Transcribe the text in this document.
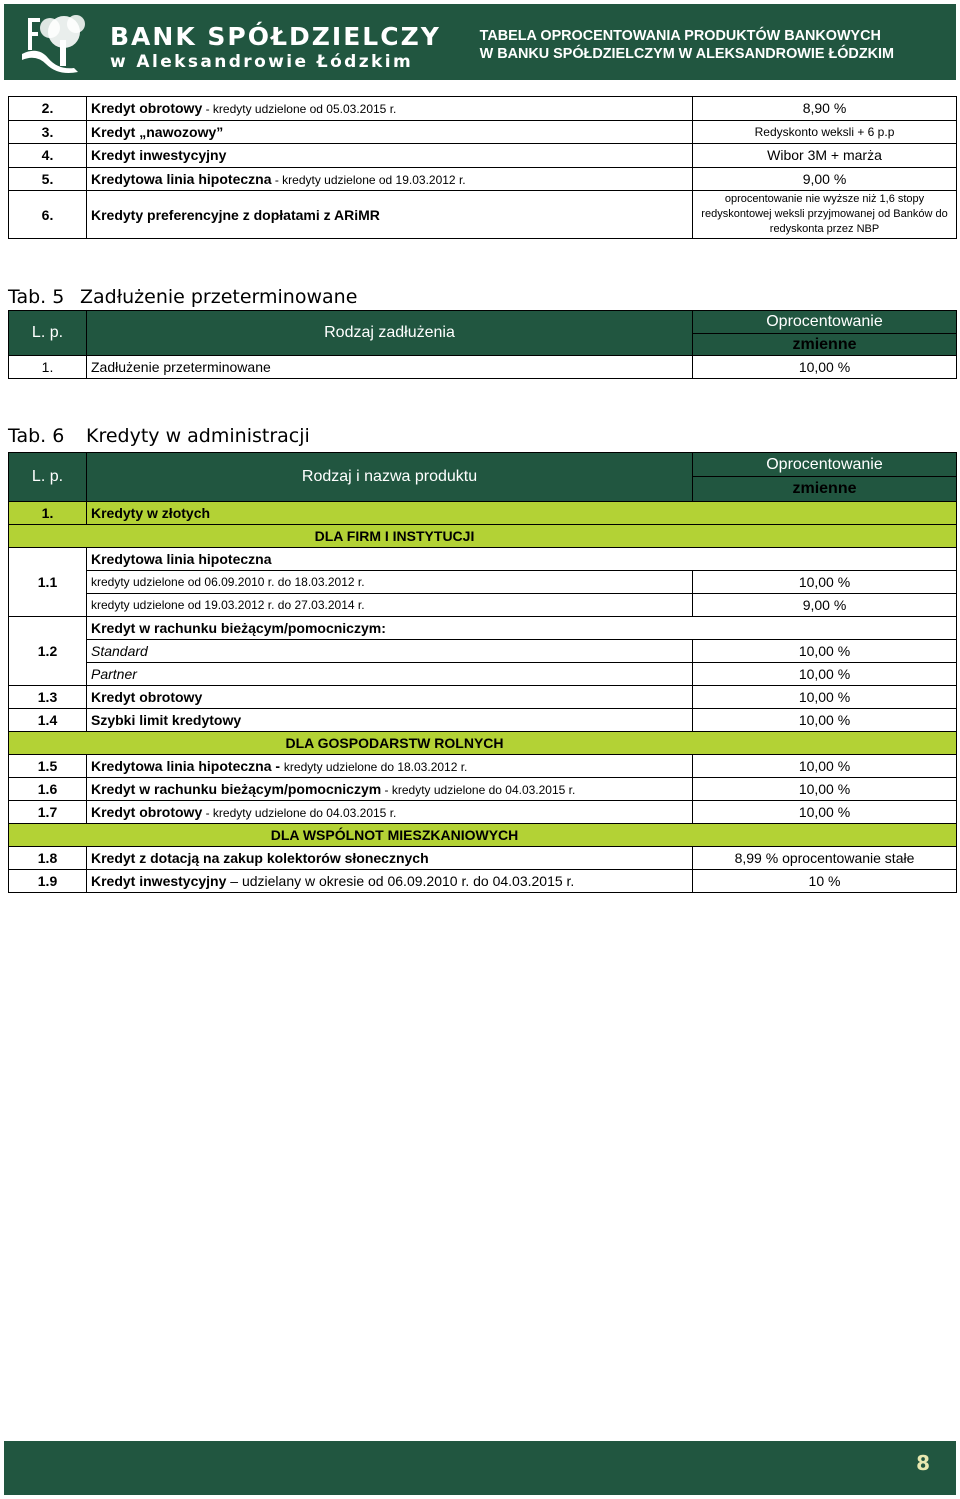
BANK SPÓŁDZIELCZY
w Aleksandrowie Łódzkim
TABELA OPROCENTOWANIA PRODUKTÓW BANKOWYCH
W BANKU SPÓŁDZIELCZYM W ALEKSANDROWIE ŁÓDZKIM
2.	Kredyt obrotowy - kredyty udzielone od 05.03.2015 r.	8,90 %
3.	Kredyt „nawozowy”	Redyskonto weksli + 6 p.p
4.	Kredyt inwestycyjny	Wibor 3M + marża
5.	Kredytowa linia hipoteczna - kredyty udzielone od 19.03.2012 r.	9,00 %
6.	Kredyty preferencyjne z dopłatami z ARiMR	oprocentowanie nie wyższe niż 1,6 stopy redyskontowej weksli przyjmowanej od Banków do redyskonta przez NBP
Tab. 5 Zadłużenie przeterminowane
L. p.	Rodzaj zadłużenia	Oprocentowanie
		zmienne
1.	Zadłużenie przeterminowane	10,00 %
Tab. 6 Kredyty w administracji
L. p.	Rodzaj i nazwa produktu	Oprocentowanie
		zmienne
1.	Kredyty w złotych	
DLA FIRM I INSTYTUCJI		
1.1	Kredytowa linia hipoteczna	
	kredyty udzielone od 06.09.2010 r. do 18.03.2012 r.	10,00 %
	kredyty udzielone od 19.03.2012 r. do 27.03.2014 r.	9,00 %
1.2	Kredyt w rachunku bieżącym/pomocniczym:	
	Standard	10,00 %
	Partner	10,00 %
1.3	Kredyt obrotowy	10,00 %
1.4	Szybki limit kredytowy	10,00 %
DLA GOSPODARSTW ROLNYCH		
1.5	Kredytowa linia hipoteczna - kredyty udzielone do 18.03.2012 r.	10,00 %
1.6	Kredyt w rachunku bieżącym/pomocniczym - kredyty udzielone do 04.03.2015 r.	10,00 %
1.7	Kredyt obrotowy - kredyty udzielone do 04.03.2015 r.	10,00 %
DLA WSPÓLNOT MIESZKANIOWYCH		
1.8	Kredyt z dotacją na zakup kolektorów słonecznych	8,99 % oprocentowanie stałe
1.9	Kredyt inwestycyjny – udzielany w okresie od 06.09.2010 r. do 04.03.2015 r.	10 %
8
